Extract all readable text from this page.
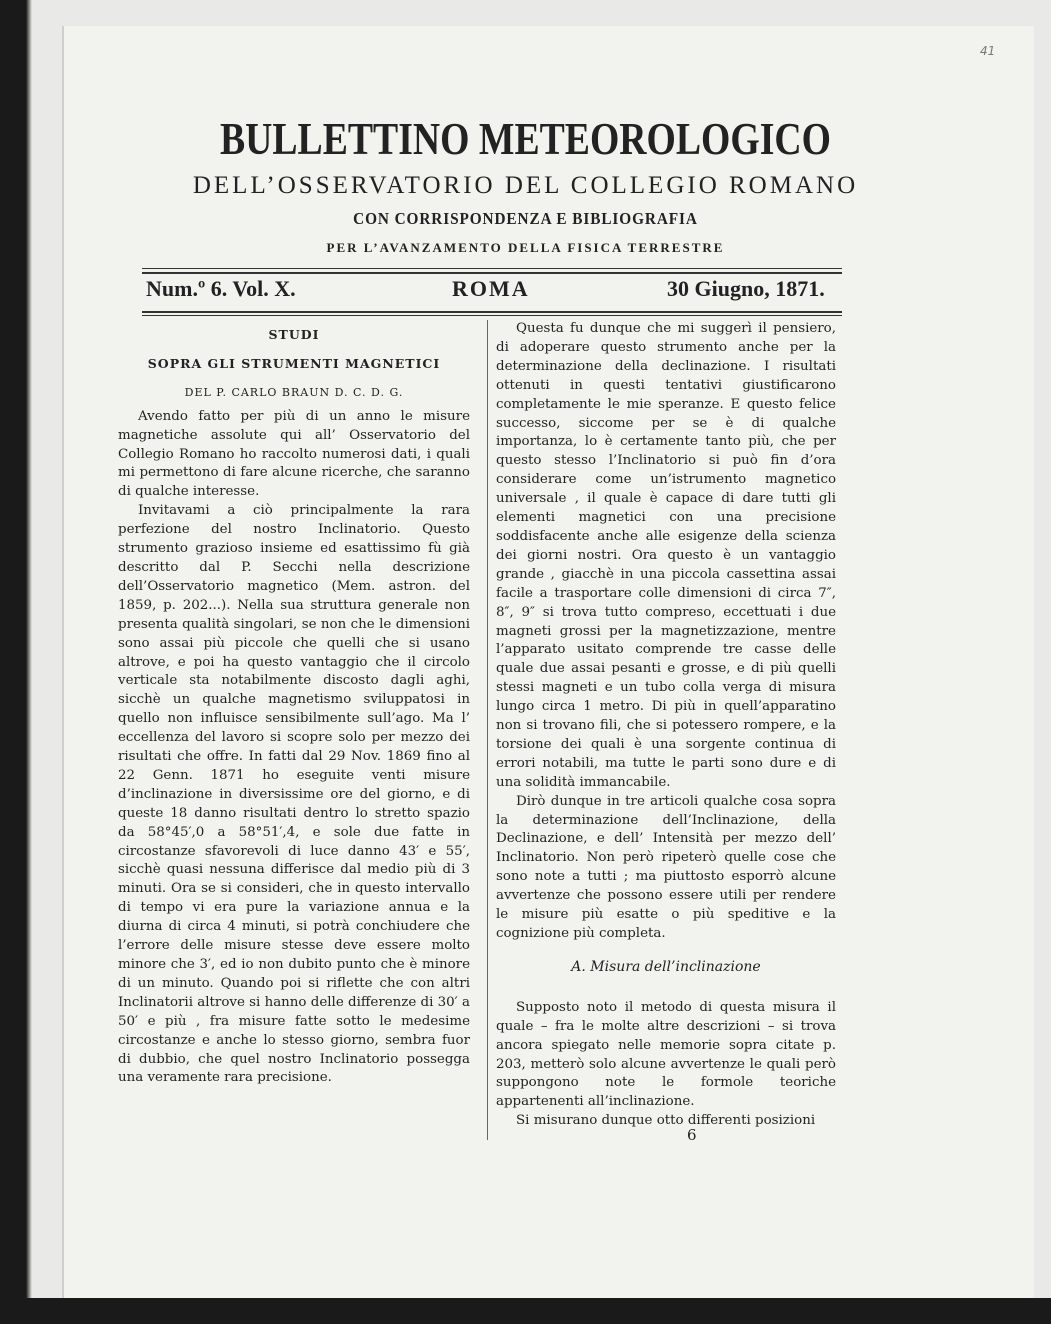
41
BULLETTINO METEOROLOGICO
DELL’OSSERVATORIO DEL COLLEGIO ROMANO
CON CORRISPONDENZA E BIBLIOGRAFIA
PER L’AVANZAMENTO DELLA FISICA TERRESTRE
Num.º 6. Vol. X.	ROMA	30 Giugno, 1871.
STUDI
SOPRA GLI STRUMENTI MAGNETICI
DEL P. CARLO BRAUN D. C. D. G.

Avendo fatto per più di un anno le misure magnetiche assolute qui all’ Osservatorio del Collegio Romano ho raccolto numerosi dati, i quali mi permettono di fare alcune ricerche, che saranno di qualche interesse.

Invitavami a ciò principalmente la rara perfezione del nostro Inclinatorio. Questo strumento grazioso insieme ed esattissimo fù già descritto dal P. Secchi nella descrizione dell’Osservatorio magnetico (Mem. astron. del 1859, p. 202...). Nella sua struttura generale non presenta qualità singolari, se non che le dimensioni sono assai più piccole che quelli che si usano altrove, e poi ha questo vantaggio che il circolo verticale sta notabilmente discosto dagli aghi, sicchè un qualche magnetismo sviluppatosi in quello non influisce sensibilmente sull’ago. Ma l’ eccellenza del lavoro si scopre solo per mezzo dei risultati che offre. In fatti dal 29 Nov. 1869 fino al 22 Genn. 1871 ho eseguite venti misure d’inclinazione in diversissime ore del giorno, e di queste 18 danno risultati dentro lo stretto spazio da 58°45′,0 a 58°51′,4, e sole due fatte in circostanze sfavorevoli di luce danno 43′ e 55′, sicchè quasi nessuna differisce dal medio più di 3 minuti. Ora se si consideri, che in questo intervallo di tempo vi era pure la variazione annua e la diurna di circa 4 minuti, si potrà conchiudere che l’errore delle misure stesse deve essere molto minore che 3′, ed io non dubito punto che è minore di un minuto. Quando poi si riflette che con altri Inclinatorii altrove si hanno delle differenze di 30′ a 50′ e più , fra misure fatte sotto le medesime circostanze e anche lo stesso giorno, sembra fuor di dubbio, che quel nostro Inclinatorio possegga una veramente rara precisione.

Questa fu dunque che mi suggerì il pensiero, di adoperare questo strumento anche per la determinazione della declinazione. I risultati ottenuti in questi tentativi giustificarono completamente le mie speranze. E questo felice successo, siccome per se è di qualche importanza, lo è certamente tanto più, che per questo stesso l’Inclinatorio si può fin d’ora considerare come un’istrumento magnetico universale , il quale è capace di dare tutti gli elementi magnetici con una precisione soddisfacente anche alle esigenze della scienza dei giorni nostri. Ora questo è un vantaggio grande , giacchè in una piccola cassettina assai facile a trasportare colle dimensioni di circa 7″, 8″, 9″ si trova tutto compreso, eccettuati i due magneti grossi per la magnetizzazione, mentre l’apparato usitato comprende tre casse delle quale due assai pesanti e grosse, e di più quelli stessi magneti e un tubo colla verga di misura lungo circa 1 metro. Di più in quell’apparatino non si trovano fili, che si potessero rompere, e la torsione dei quali è una sorgente continua di errori notabili, ma tutte le parti sono dure e di una solidità immancabile.

Dirò dunque in tre articoli qualche cosa sopra la determinazione dell’Inclinazione, della Declinazione, e dell’ Intensità per mezzo dell’ Inclinatorio. Non però ripeterò quelle cose che sono note a tutti ; ma piuttosto esporrò alcune avvertenze che possono essere utili per rendere le misure più esatte o più speditive e la cognizione più completa.

A. Misura dell’inclinazione

Supposto noto il metodo di questa misura il quale – fra le molte altre descrizioni – si trova ancora spiegato nelle memorie sopra citate p. 203, metterò solo alcune avvertenze le quali però suppongono note le formole teoriche appartenenti all’inclinazione.

Si misurano dunque otto differenti posizioni

6
